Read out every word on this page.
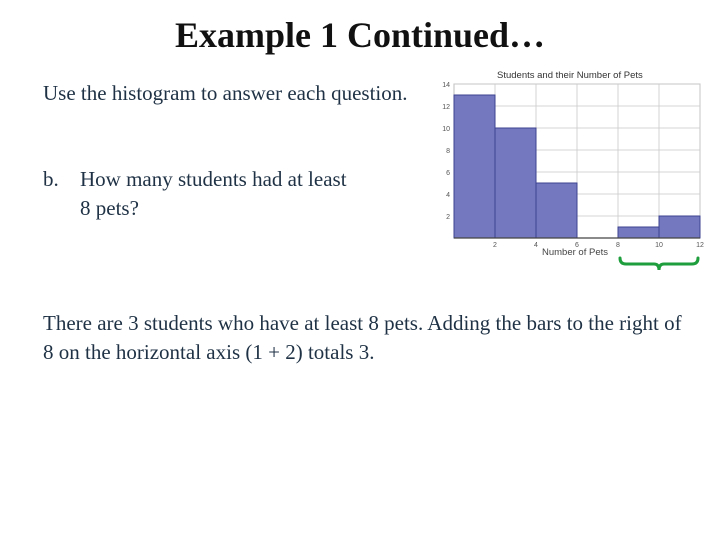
Example 1 Continued…
Use the histogram to answer each question.
b. How many students had at least
8 pets?
Students and their Number of Pets
2
4
6
8
10
12
14
2	4	6	8	10	12
Number of Pets
There are 3 students who have at least 8 pets. Adding the bars to the right of 8 on the horizontal axis (1 + 2) totals 3.
